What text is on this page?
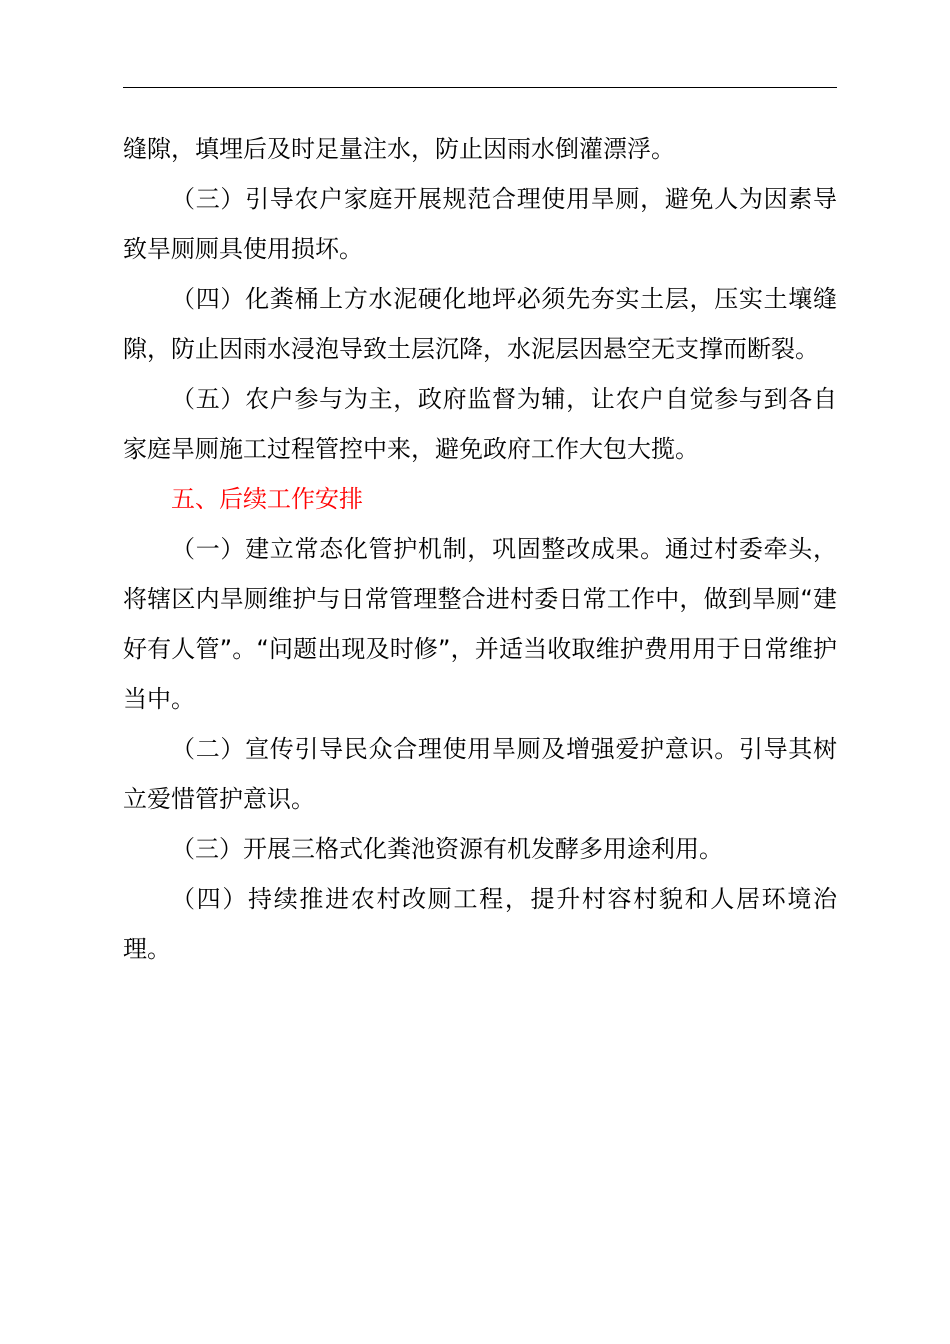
缝隙，填埋后及时足量注水，防止因雨水倒灌漂浮。

（三）引导农户家庭开展规范合理使用旱厕，避免人为因素导致旱厕厕具使用损坏。

（四）化粪桶上方水泥硬化地坪必须先夯实土层，压实土壤缝隙，防止因雨水浸泡导致土层沉降，水泥层因悬空无支撑而断裂。

（五）农户参与为主，政府监督为辅，让农户自觉参与到各自家庭旱厕施工过程管控中来，避免政府工作大包大揽。

五、后续工作安排

（一）建立常态化管护机制，巩固整改成果。通过村委牵头，将辖区内旱厕维护与日常管理整合进村委日常工作中，做到旱厕“建好有人管”。“问题出现及时修”，并适当收取维护费用用于日常维护当中。

（二）宣传引导民众合理使用旱厕及增强爱护意识。引导其树立爱惜管护意识。

（三）开展三格式化粪池资源有机发酵多用途利用。

（四）持续推进农村改厕工程，提升村容村貌和人居环境治理。
